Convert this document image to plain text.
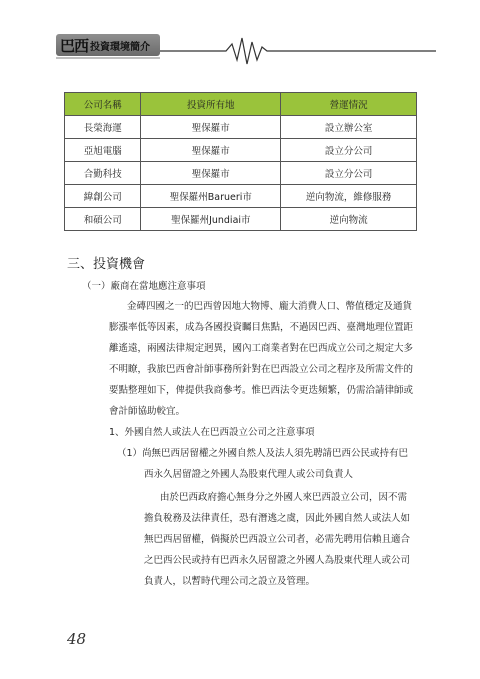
巴西 投資環境簡介
公司名稱	投資所有地	營運情況
長榮海運	聖保羅市	設立辦公室
亞旭電腦	聖保羅市	設立分公司
合勤科技	聖保羅市	設立分公司
緯創公司	聖保羅州Barueri市	逆向物流，維修服務
和碩公司	聖保羅州Jundiai市	逆向物流
三、投資機會
（一）廠商在當地應注意事項
金磚四國之一的巴西曾因地大物博、龐大消費人口、幣值穩定及通貨
膨漲率低等因素，成為各國投資矚目焦點，不過因巴西、臺灣地理位置距
離遙遠，兩國法律規定迥異，國內工商業者對在巴西成立公司之規定大多
不明瞭，我旅巴西會計師事務所針對在巴西設立公司之程序及所需文件的
要點整理如下，俾提供我商參考。惟巴西法令更迭頻繁，仍需洽請律師或
會計師協助較宜。
1、外國自然人或法人在巴西設立公司之注意事項
（1）尚無巴西居留權之外國自然人及法人須先聘請巴西公民或持有巴
西永久居留證之外國人為股東代理人或公司負責人
由於巴西政府擔心無身分之外國人來巴西設立公司，因不需
擔負稅務及法律責任，恐有潛逃之虞，因此外國自然人或法人如
無巴西居留權，倘擬於巴西設立公司者，必需先聘用信賴且適合
之巴西公民或持有巴西永久居留證之外國人為股東代理人或公司
負責人，以暫時代理公司之設立及管理。
48
